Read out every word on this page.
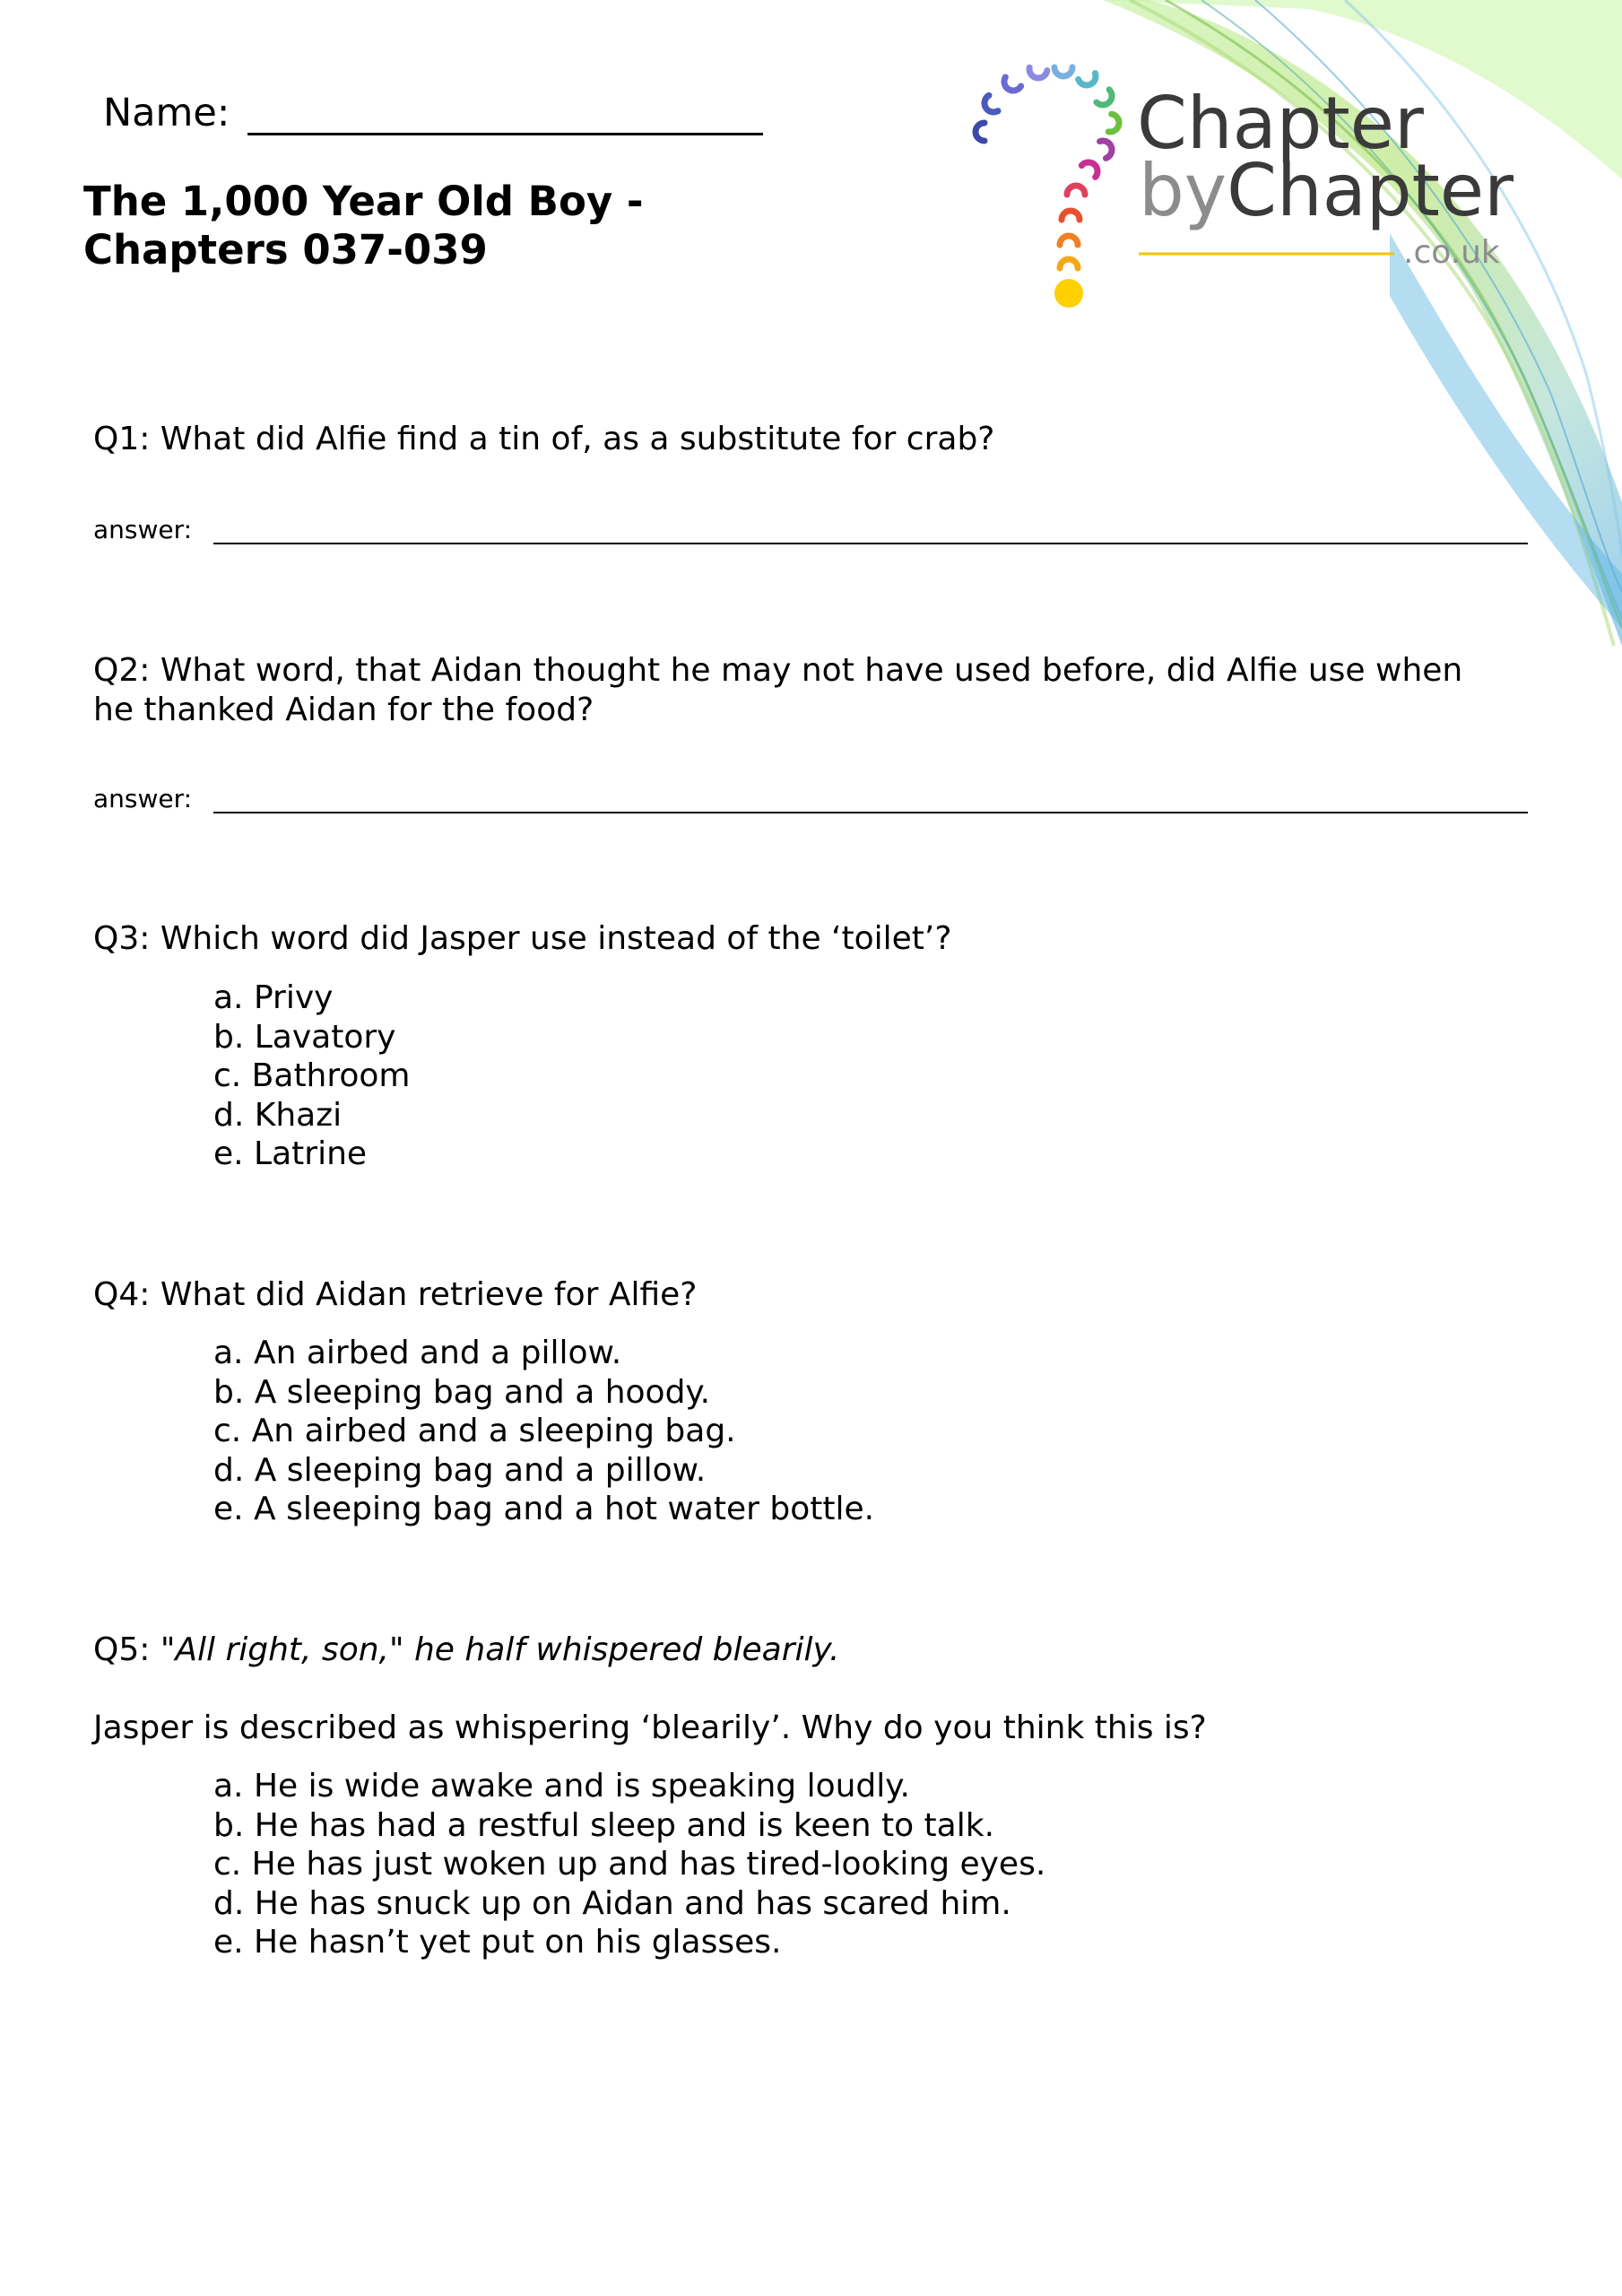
Chapter
byChapter
.co.uk
Name:
The 1,000 Year Old Boy -
Chapters 037-039

Q1: What did Alfie find a tin of, as a substitute for crab?

answer:

Q2: What word, that Aidan thought he may not have used before, did Alfie use when
he thanked Aidan for the food?

answer:

Q3: Which word did Jasper use instead of the ‘toilet’?

a. Privy
b. Lavatory
c. Bathroom
d. Khazi
e. Latrine

Q4: What did Aidan retrieve for Alfie?

a. An airbed and a pillow.
b. A sleeping bag and a hoody.
c. An airbed and a sleeping bag.
d. A sleeping bag and a pillow.
e. A sleeping bag and a hot water bottle.

Q5: "All right, son," he half whispered blearily.

Jasper is described as whispering ‘blearily’. Why do you think this is?

a. He is wide awake and is speaking loudly.
b. He has had a restful sleep and is keen to talk.
c. He has just woken up and has tired-looking eyes.
d. He has snuck up on Aidan and has scared him.
e. He hasn’t yet put on his glasses.
